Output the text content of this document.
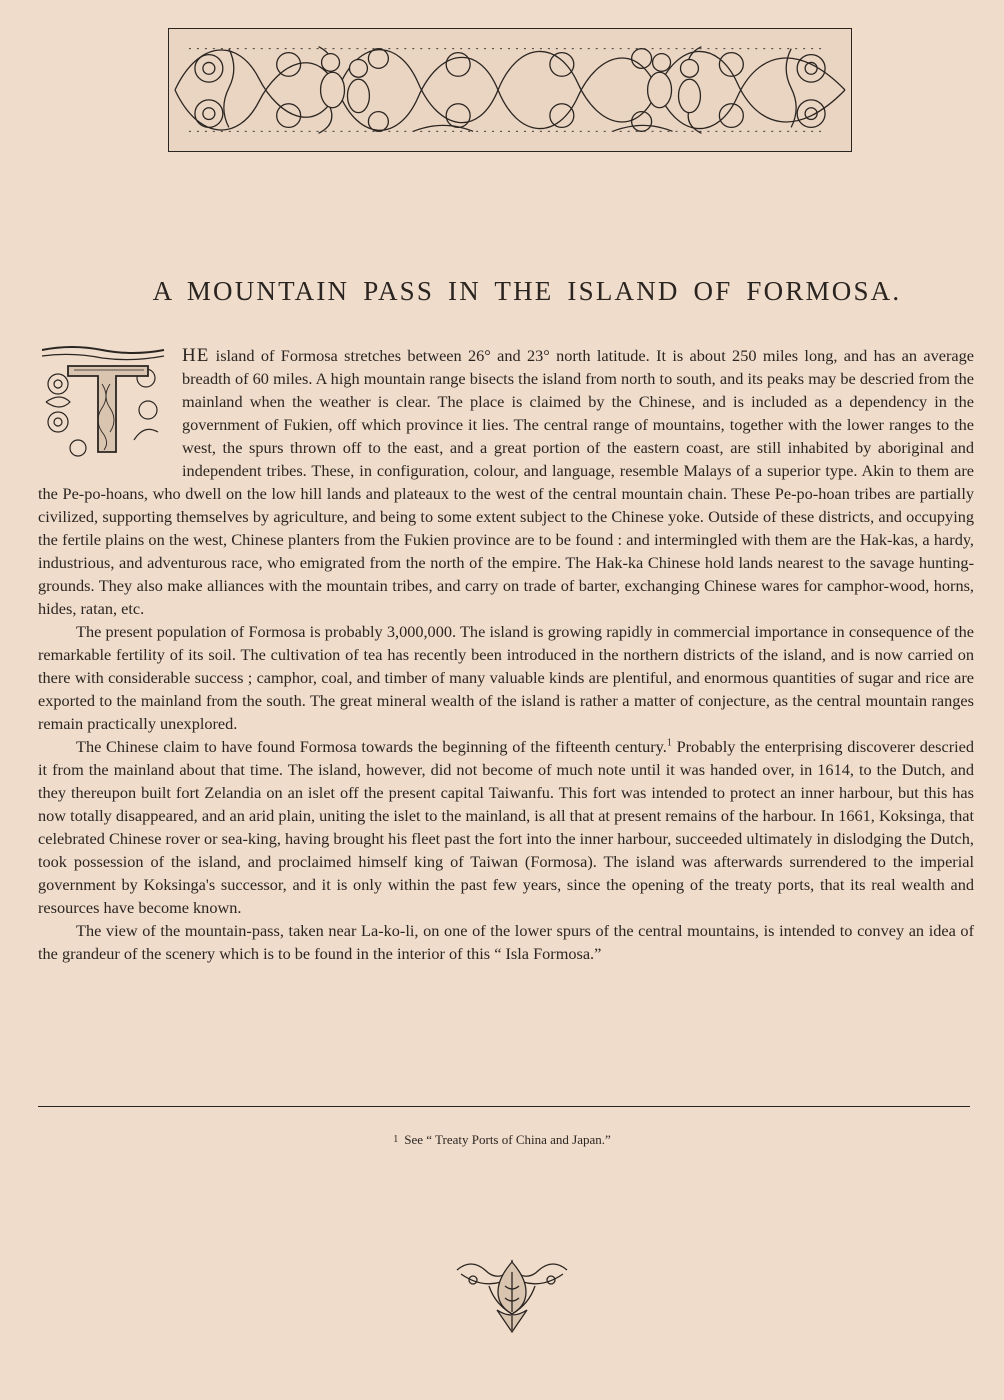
A MOUNTAIN PASS IN THE ISLAND OF FORMOSA.

HE island of Formosa stretches between 26° and 23° north latitude. It is about 250 miles long, and has an average breadth of 60 miles. A high mountain range bisects the island from north to south, and its peaks may be descried from the mainland when the weather is clear. The place is claimed by the Chinese, and is included as a dependency in the government of Fukien, off which province it lies. The central range of mountains, together with the lower ranges to the west, the spurs thrown off to the east, and a great portion of the eastern coast, are still inhabited by aboriginal and independent tribes. These, in configuration, colour, and language, resemble Malays of a superior type. Akin to them are the Pe-po-hoans, who dwell on the low hill lands and plateaux to the west of the central mountain chain. These Pe-po-hoan tribes are partially civilized, supporting themselves by agriculture, and being to some extent subject to the Chinese yoke. Outside of these districts, and occupying the fertile plains on the west, Chinese planters from the Fukien province are to be found : and intermingled with them are the Hak-kas, a hardy, industrious, and adventurous race, who emigrated from the north of the empire. The Hak-ka Chinese hold lands nearest to the savage hunting-grounds. They also make alliances with the mountain tribes, and carry on trade of barter, exchanging Chinese wares for camphor-wood, horns, hides, ratan, etc.

The present population of Formosa is probably 3,000,000. The island is growing rapidly in commercial importance in consequence of the remarkable fertility of its soil. The cultivation of tea has recently been introduced in the northern districts of the island, and is now carried on there with considerable success ; camphor, coal, and timber of many valuable kinds are plentiful, and enormous quantities of sugar and rice are exported to the mainland from the south. The great mineral wealth of the island is rather a matter of conjecture, as the central mountain ranges remain practically unexplored.

The Chinese claim to have found Formosa towards the beginning of the fifteenth century.$^1$ Probably the enterprising discoverer descried it from the mainland about that time. The island, however, did not become of much note until it was handed over, in 1614, to the Dutch, and they thereupon built fort Zelandia on an islet off the present capital Taiwanfu. This fort was intended to protect an inner harbour, but this has now totally disappeared, and an arid plain, uniting the islet to the mainland, is all that at present remains of the harbour. In 1661, Koksinga, that celebrated Chinese rover or sea-king, having brought his fleet past the fort into the inner harbour, succeeded ultimately in dislodging the Dutch, took possession of the island, and proclaimed himself king of Taiwan (Formosa). The island was afterwards surrendered to the imperial government by Koksinga's successor, and it is only within the past few years, since the opening of the treaty ports, that its real wealth and resources have become known.

The view of the mountain-pass, taken near La-ko-li, on one of the lower spurs of the central mountains, is intended to convey an idea of the grandeur of the scenery which is to be found in the interior of this “ Isla Formosa.”

1 See “ Treaty Ports of China and Japan.”
